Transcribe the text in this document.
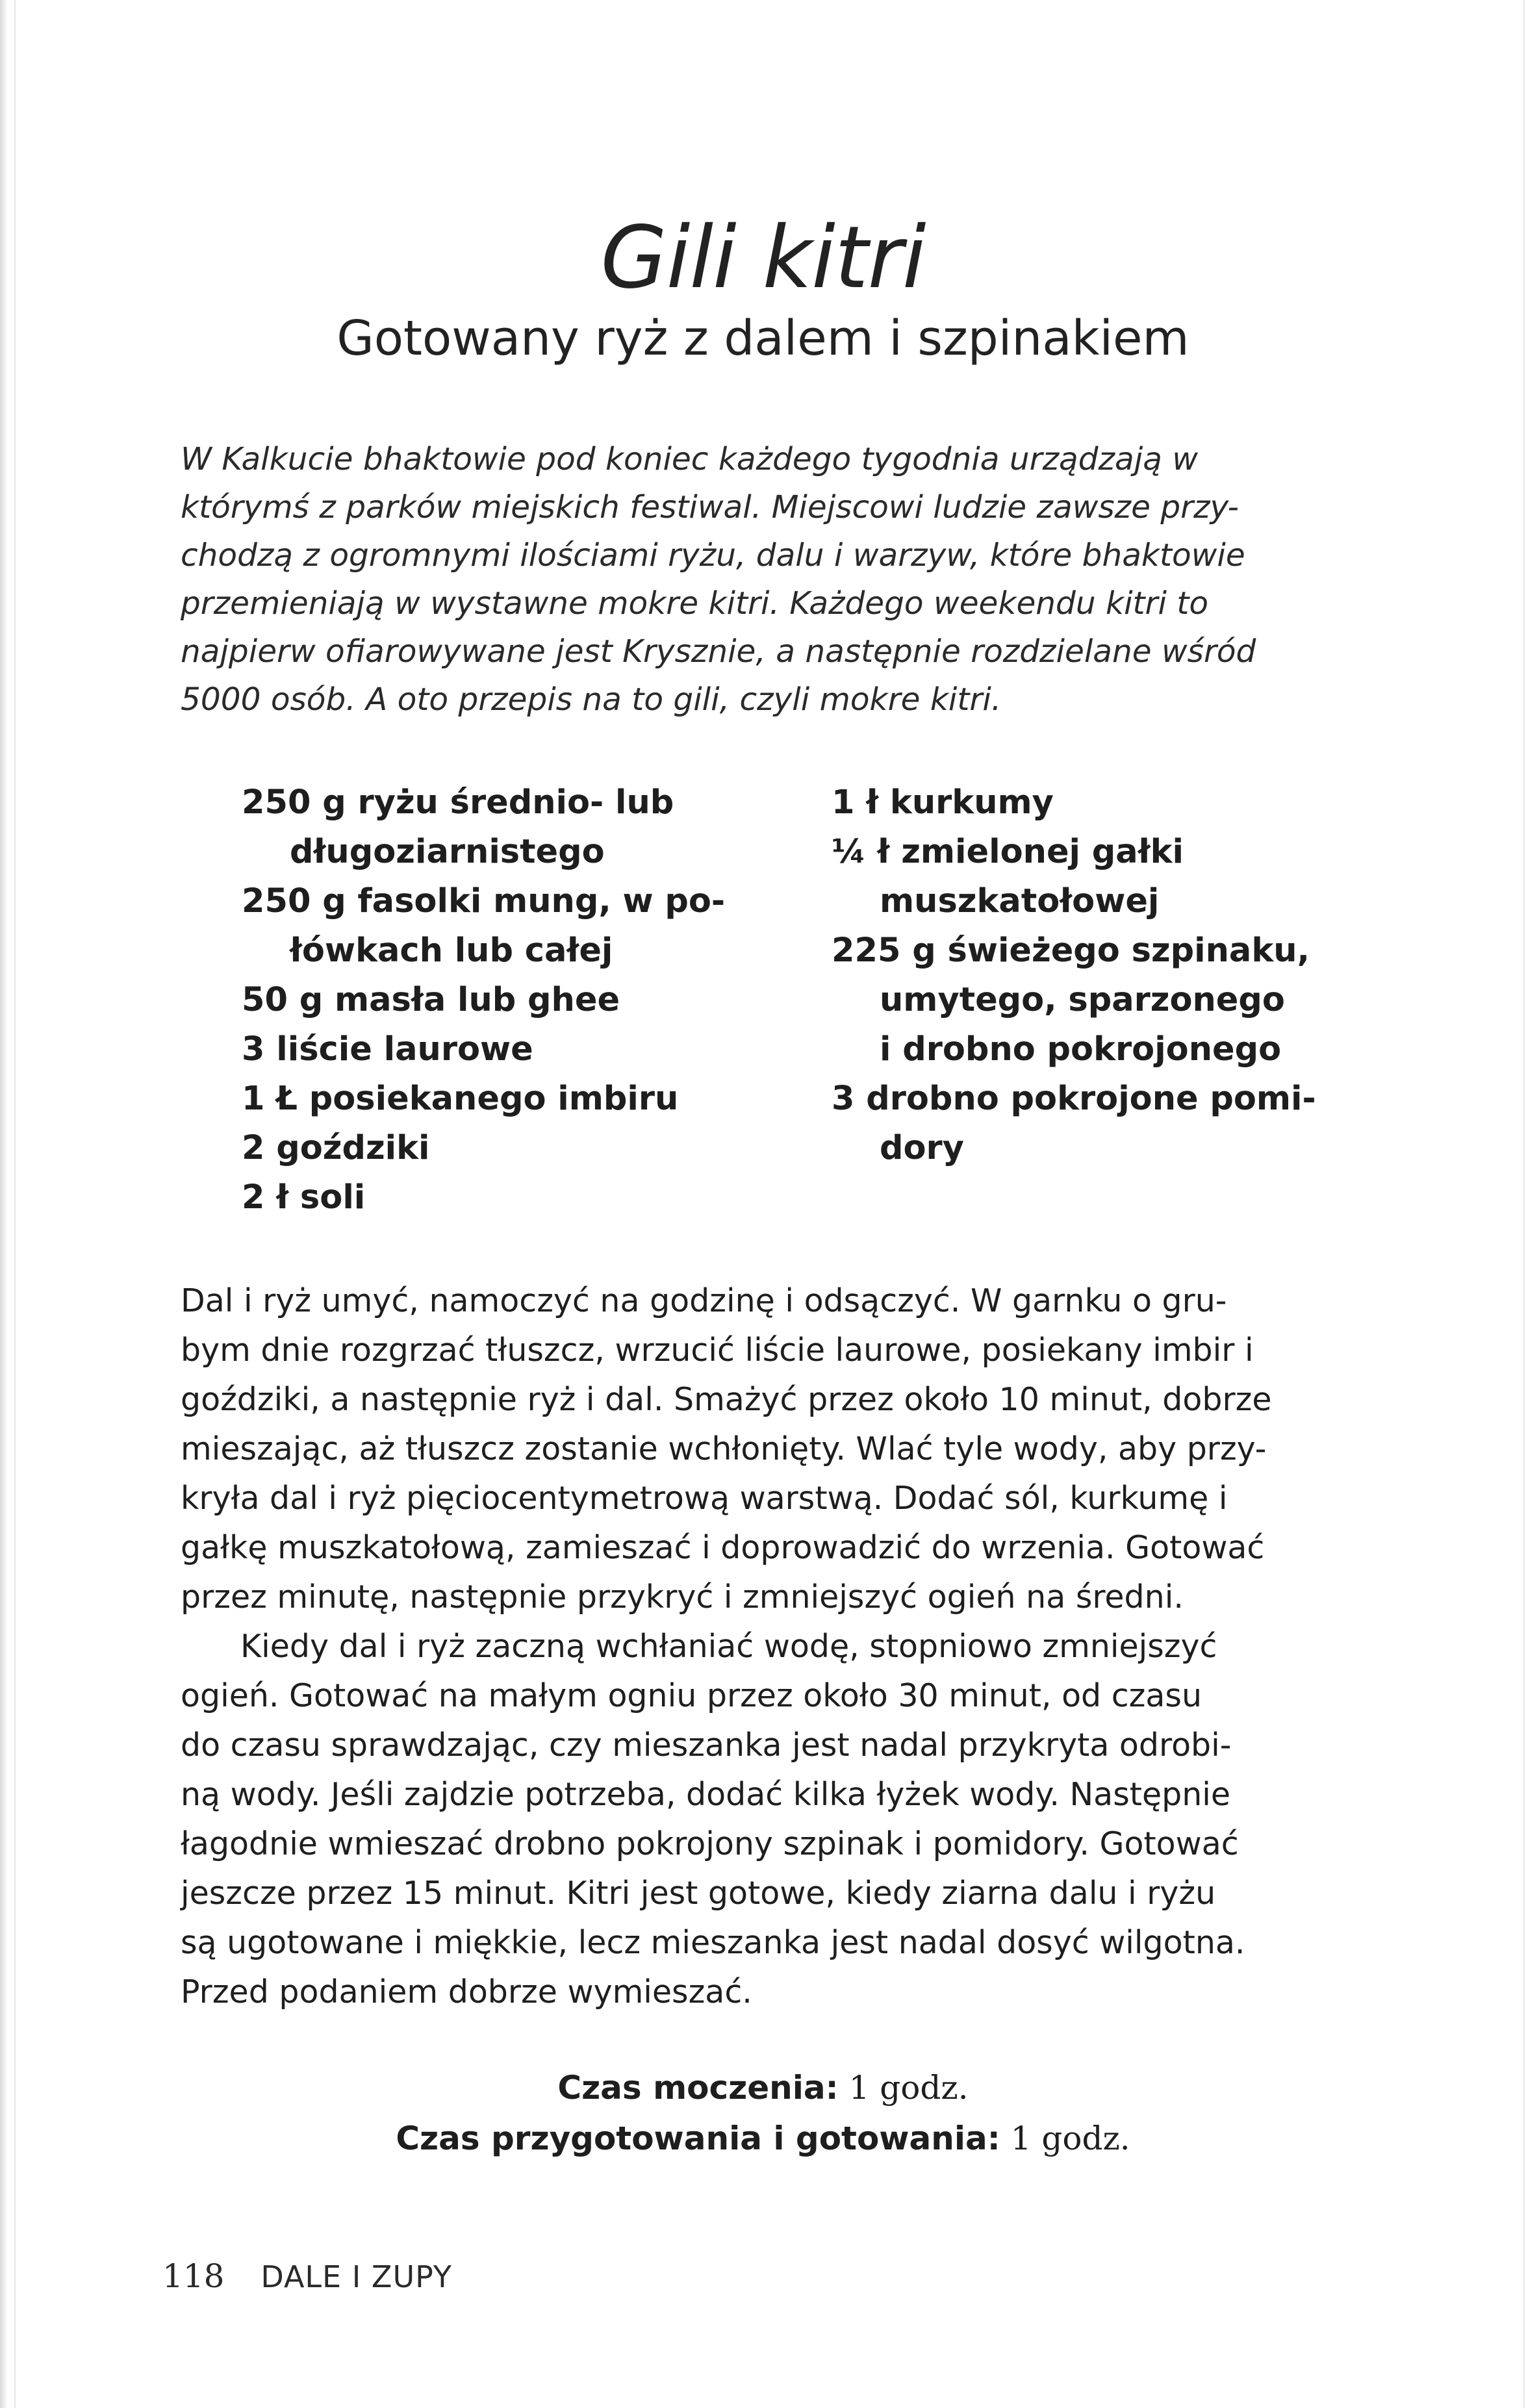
Gili kitri
Gotowany ryż z dalem i szpinakiem
W Kalkucie bhaktowie pod koniec każdego tygodnia urządzają w
którymś z parków miejskich festiwal. Miejscowi ludzie zawsze przy-
chodzą z ogromnymi ilościami ryżu, dalu i warzyw, które bhaktowie
przemieniają w wystawne mokre kitri. Każdego weekendu kitri to
najpierw ofiarowywane jest Krysznie, a następnie rozdzielane wśród
5000 osób. A oto przepis na to gili, czyli mokre kitri.
250 g ryżu średnio- lub
długoziarnistego
250 g fasolki mung, w po-
łówkach lub całej
50 g masła lub ghee
3 liście laurowe
1 Ł posiekanego imbiru
2 goździki
2 ł soli
1 ł kurkumy
¼ ł zmielonej gałki
muszkatołowej
225 g świeżego szpinaku,
umytego, sparzonego
i drobno pokrojonego
3 drobno pokrojone pomi-
dory
Dal i ryż umyć, namoczyć na godzinę i odsączyć. W garnku o gru-
bym dnie rozgrzać tłuszcz, wrzucić liście laurowe, posiekany imbir i
goździki, a następnie ryż i dal. Smażyć przez około 10 minut, dobrze
mieszając, aż tłuszcz zostanie wchłonięty. Wlać tyle wody, aby przy-
kryła dal i ryż pięciocentymetrową warstwą. Dodać sól, kurkumę i
gałkę muszkatołową, zamieszać i doprowadzić do wrzenia. Gotować
przez minutę, następnie przykryć i zmniejszyć ogień na średni.
Kiedy dal i ryż zaczną wchłaniać wodę, stopniowo zmniejszyć
ogień. Gotować na małym ogniu przez około 30 minut, od czasu
do czasu sprawdzając, czy mieszanka jest nadal przykryta odrobi-
ną wody. Jeśli zajdzie potrzeba, dodać kilka łyżek wody. Następnie
łagodnie wmieszać drobno pokrojony szpinak i pomidory. Gotować
jeszcze przez 15 minut. Kitri jest gotowe, kiedy ziarna dalu i ryżu
są ugotowane i miękkie, lecz mieszanka jest nadal dosyć wilgotna.
Przed podaniem dobrze wymieszać.
Czas moczenia: 1 godz.
Czas przygotowania i gotowania: 1 godz.
118 DALE I ZUPY
